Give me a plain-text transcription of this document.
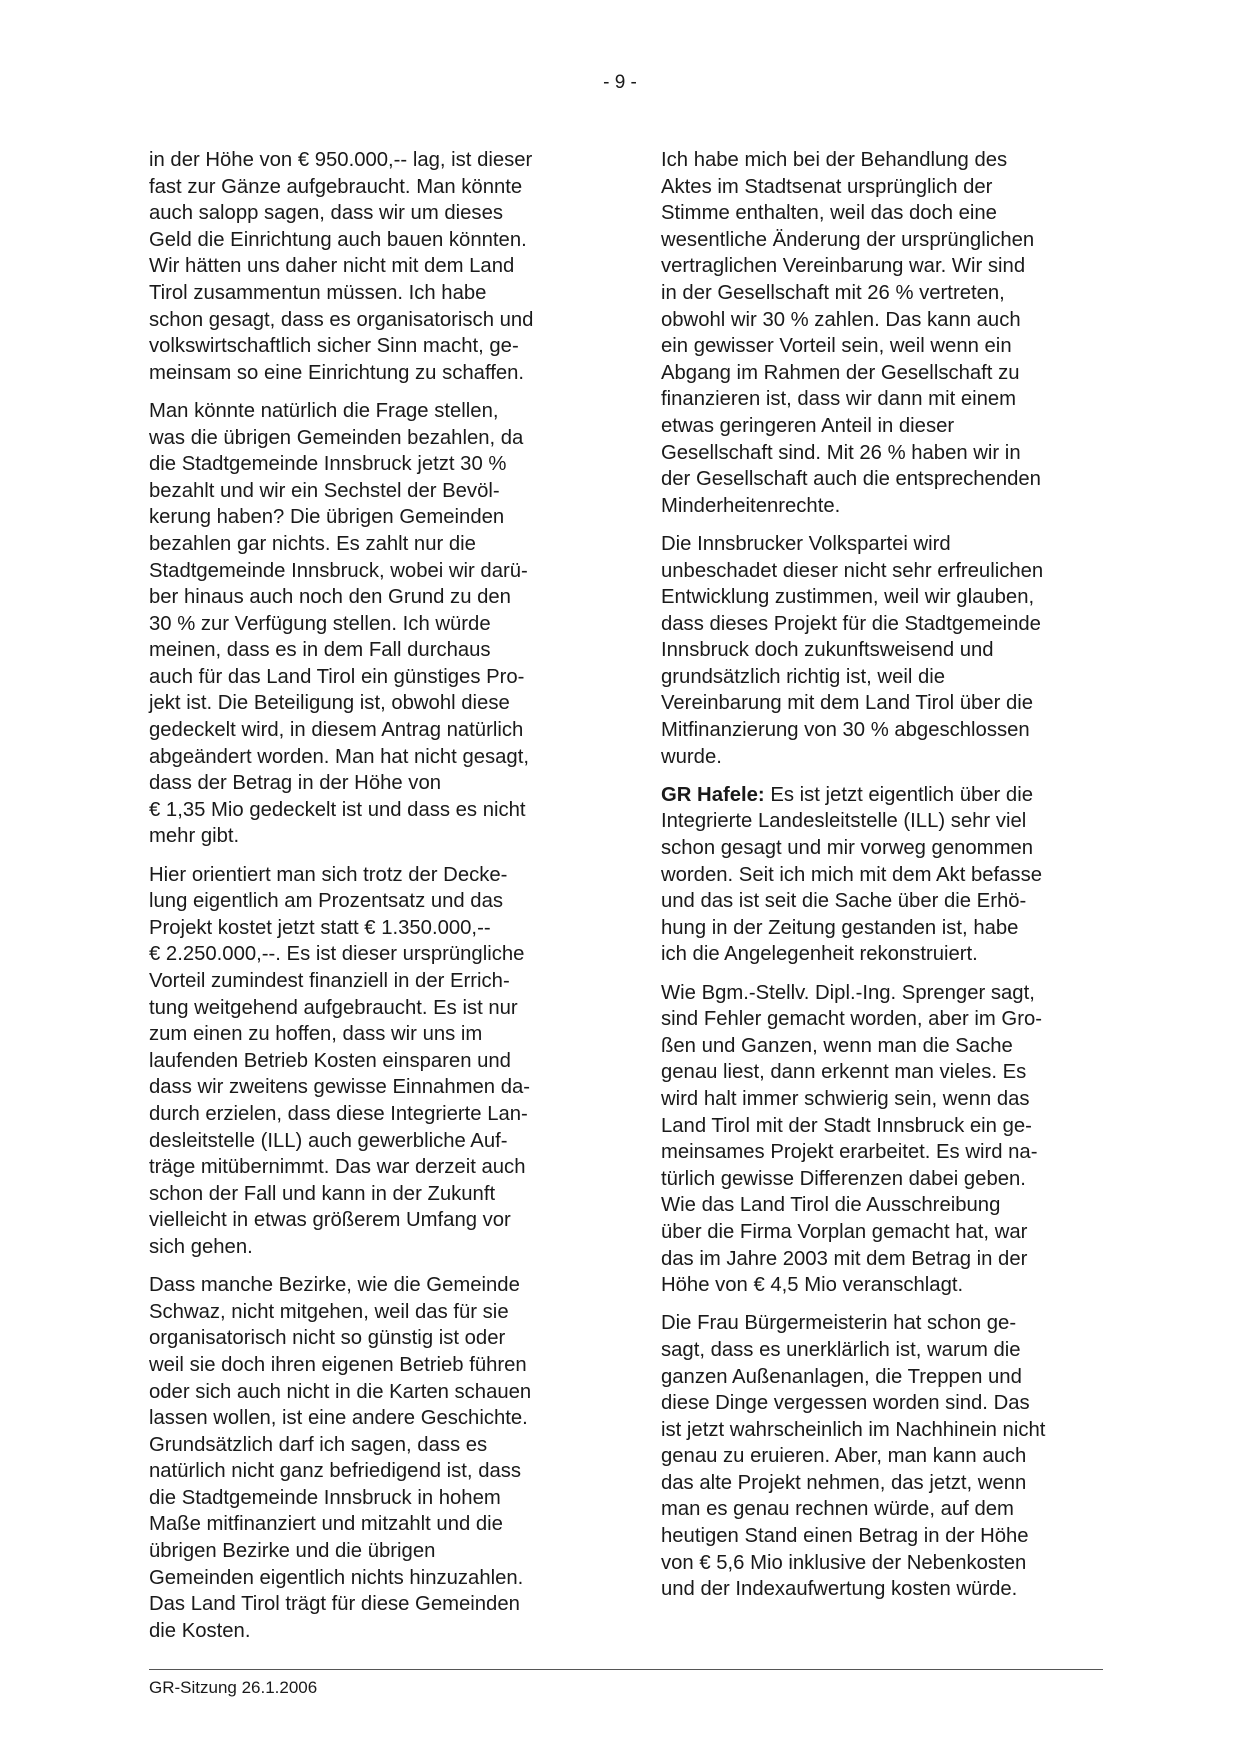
- 9 -
in der Höhe von € 950.000,-- lag, ist dieser
fast zur Gänze aufgebraucht. Man könnte
auch salopp sagen, dass wir um dieses
Geld die Einrichtung auch bauen könnten.
Wir hätten uns daher nicht mit dem Land
Tirol zusammentun müssen. Ich habe
schon gesagt, dass es organisatorisch und
volkswirtschaftlich sicher Sinn macht, ge-
meinsam so eine Einrichtung zu schaffen.
Man könnte natürlich die Frage stellen,
was die übrigen Gemeinden bezahlen, da
die Stadtgemeinde Innsbruck jetzt 30 %
bezahlt und wir ein Sechstel der Bevöl-
kerung haben? Die übrigen Gemeinden
bezahlen gar nichts. Es zahlt nur die
Stadtgemeinde Innsbruck, wobei wir darü-
ber hinaus auch noch den Grund zu den
30 % zur Verfügung stellen. Ich würde
meinen, dass es in dem Fall durchaus
auch für das Land Tirol ein günstiges Pro-
jekt ist. Die Beteiligung ist, obwohl diese
gedeckelt wird, in diesem Antrag natürlich
abgeändert worden. Man hat nicht gesagt,
dass der Betrag in der Höhe von
€ 1,35 Mio gedeckelt ist und dass es nicht
mehr gibt.
Hier orientiert man sich trotz der Decke-
lung eigentlich am Prozentsatz und das
Projekt kostet jetzt statt € 1.350.000,--
€ 2.250.000,--. Es ist dieser ursprüngliche
Vorteil zumindest finanziell in der Errich-
tung weitgehend aufgebraucht. Es ist nur
zum einen zu hoffen, dass wir uns im
laufenden Betrieb Kosten einsparen und
dass wir zweitens gewisse Einnahmen da-
durch erzielen, dass diese Integrierte Lan-
desleitstelle (ILL) auch gewerbliche Auf-
träge mitübernimmt. Das war derzeit auch
schon der Fall und kann in der Zukunft
vielleicht in etwas größerem Umfang vor
sich gehen.
Dass manche Bezirke, wie die Gemeinde
Schwaz, nicht mitgehen, weil das für sie
organisatorisch nicht so günstig ist oder
weil sie doch ihren eigenen Betrieb führen
oder sich auch nicht in die Karten schauen
lassen wollen, ist eine andere Geschichte.
Grundsätzlich darf ich sagen, dass es
natürlich nicht ganz befriedigend ist, dass
die Stadtgemeinde Innsbruck in hohem
Maße mitfinanziert und mitzahlt und die
übrigen Bezirke und die übrigen
Gemeinden eigentlich nichts hinzuzahlen.
Das Land Tirol trägt für diese Gemeinden
die Kosten.
Ich habe mich bei der Behandlung des
Aktes im Stadtsenat ursprünglich der
Stimme enthalten, weil das doch eine
wesentliche Änderung der ursprünglichen
vertraglichen Vereinbarung war. Wir sind
in der Gesellschaft mit 26 % vertreten,
obwohl wir 30 % zahlen. Das kann auch
ein gewisser Vorteil sein, weil wenn ein
Abgang im Rahmen der Gesellschaft zu
finanzieren ist, dass wir dann mit einem
etwas geringeren Anteil in dieser
Gesellschaft sind. Mit 26 % haben wir in
der Gesellschaft auch die entsprechenden
Minderheitenrechte.
Die Innsbrucker Volkspartei wird
unbeschadet dieser nicht sehr erfreulichen
Entwicklung zustimmen, weil wir glauben,
dass dieses Projekt für die Stadtgemeinde
Innsbruck doch zukunftsweisend und
grundsätzlich richtig ist, weil die
Vereinbarung mit dem Land Tirol über die
Mitfinanzierung von 30 % abgeschlossen
wurde.
GR Hafele: Es ist jetzt eigentlich über die
Integrierte Landesleitstelle (ILL) sehr viel
schon gesagt und mir vorweg genommen
worden. Seit ich mich mit dem Akt befasse
und das ist seit die Sache über die Erhö-
hung in der Zeitung gestanden ist, habe
ich die Angelegenheit rekonstruiert.
Wie Bgm.-Stellv. Dipl.-Ing. Sprenger sagt,
sind Fehler gemacht worden, aber im Gro-
ßen und Ganzen, wenn man die Sache
genau liest, dann erkennt man vieles. Es
wird halt immer schwierig sein, wenn das
Land Tirol mit der Stadt Innsbruck ein ge-
meinsames Projekt erarbeitet. Es wird na-
türlich gewisse Differenzen dabei geben.
Wie das Land Tirol die Ausschreibung
über die Firma Vorplan gemacht hat, war
das im Jahre 2003 mit dem Betrag in der
Höhe von € 4,5 Mio veranschlagt.
Die Frau Bürgermeisterin hat schon ge-
sagt, dass es unerklärlich ist, warum die
ganzen Außenanlagen, die Treppen und
diese Dinge vergessen worden sind. Das
ist jetzt wahrscheinlich im Nachhinein nicht
genau zu eruieren. Aber, man kann auch
das alte Projekt nehmen, das jetzt, wenn
man es genau rechnen würde, auf dem
heutigen Stand einen Betrag in der Höhe
von € 5,6 Mio inklusive der Nebenkosten
und der Indexaufwertung kosten würde.
GR-Sitzung 26.1.2006
